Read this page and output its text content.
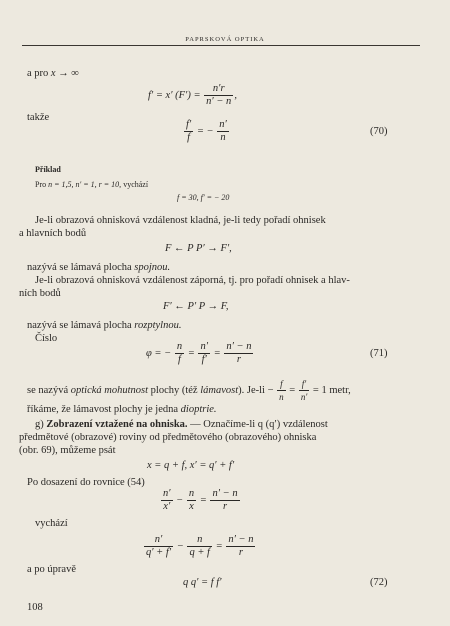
PAPRSKOVÁ OPTIKA
a pro x → ∞
f′ = x′ $(F') = \frac{n'r}{n' - n}$ ,
takže
$\frac{f'}{f}$ = − $\frac{n'}{n}$	(70)
Příklad
Pro n = 1,5, n′ = 1, r = 10, vychází
f = 30, f′ = − 20
Je-li obrazová ohnisková vzdálenost kladná, je-li tedy pořadí ohnisek
a hlavních bodů
F ← P P′ → F′,
nazývá se lámavá plocha spojnou.
Je-li obrazová ohnisková vzdálenost záporná, tj. pro pořadí ohnisek a hlav-
ních bodů
F′ ← P′ P → F,
nazývá se lámavá plocha rozptylnou.
Číslo
φ = − $\frac{n}{f} = \frac{n'}{f'} = \frac{n' - n}{r}$	(71)
se nazývá optická mohutnost plochy (též lámavost). $Je-li - \frac{f}{n} = \frac{f'}{n'} = 1$ metr,
říkáme, že lámavost plochy je jedna dioptrie.
g) Zobrazení vztažené na ohniska. — Označíme-li q (q′) vzdálenost
předmětové (obrazové) roviny od předmětového (obrazového) ohniska
(obr. 69), můžeme psát
x = q + f, x′ = q′ + f′
Po dosazení do rovnice (54)
$\frac{n'}{x'} - \frac{n}{x} = \frac{n' - n}{r}$
vychází
$\frac{n'}{q' + f'} - \frac{n}{q + f} = \frac{n' - n}{r}$
a po úpravě
q q′ = f f′	(72)
108
